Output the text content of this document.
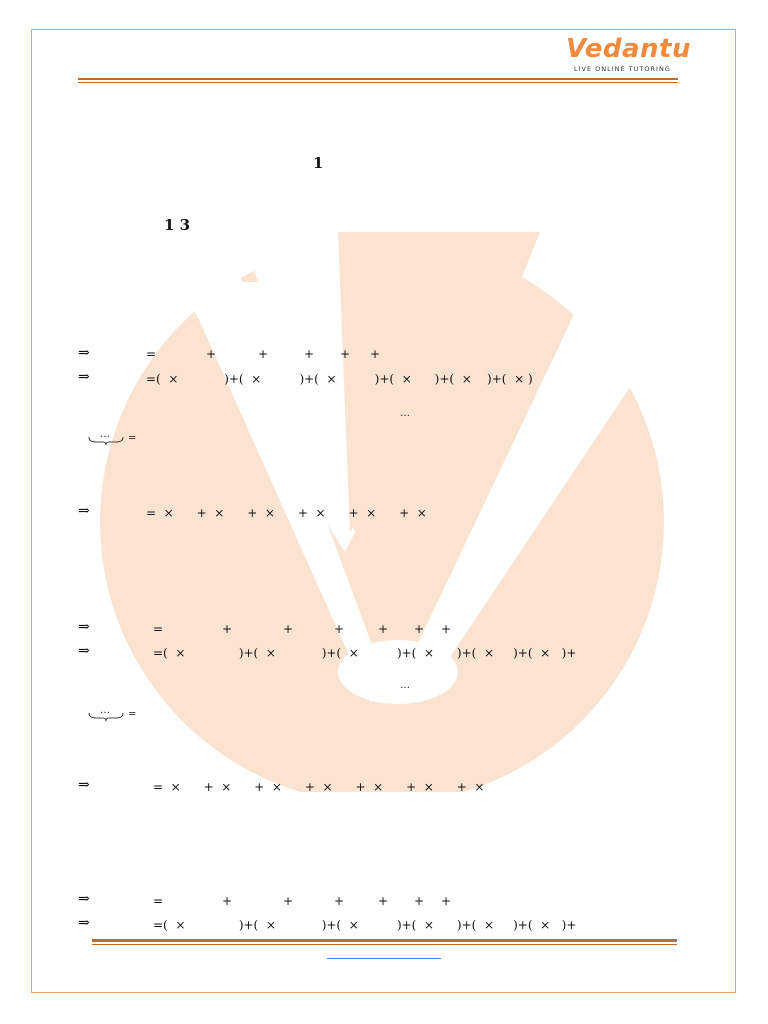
Vedantu
LIVE ONLINE TUTORING
1
1 3
⇒	=	+	+	+ + +
⇒	=(  ×            )+(  ×          )+(  ×          )+(  ×      )+(  ×    )+(  × )
…
… =
⇒	=  ×      +  ×      +  ×      +  ×      +  ×      +  ×
⇒	=	+	+	+	+ + +
⇒	=(  ×              )+(  ×            )+(  ×          )+(  ×      )+(  ×     )+(  ×   )+
…
… =
⇒	=  ×      +  ×      +  ×      +  ×      +  ×      +  ×      +  ×
⇒	=	+	+	+	+ + +
⇒	=(  ×              )+(  ×            )+(  ×          )+(  ×      )+(  ×     )+(  ×   )+
